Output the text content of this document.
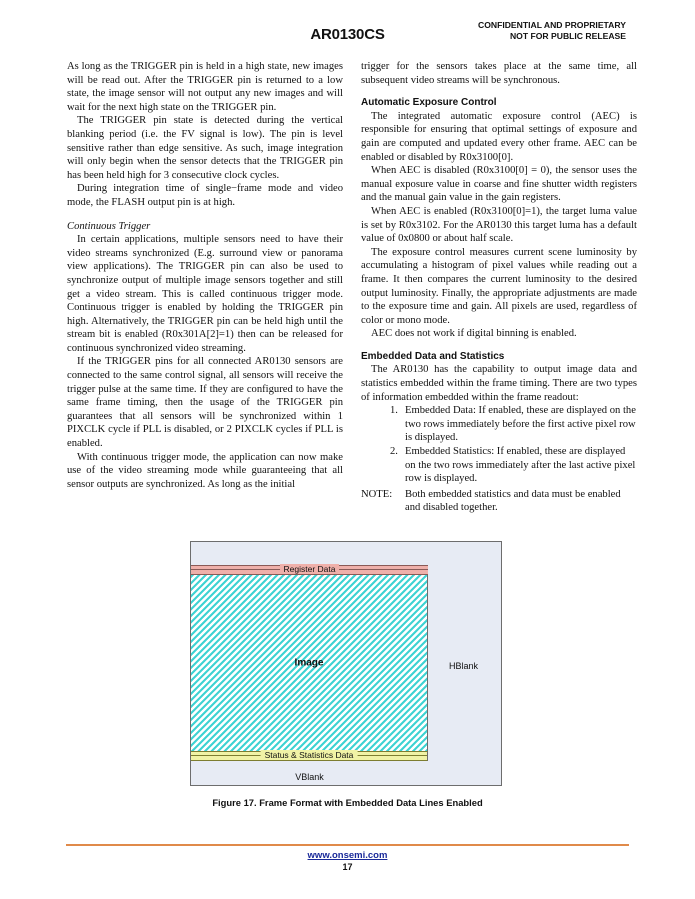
AR0130CS
CONFIDENTIAL AND PROPRIETARY
NOT FOR PUBLIC RELEASE

As long as the TRIGGER pin is held in a high state, new images will be read out. After the TRIGGER pin is returned to a low state, the image sensor will not output any new images and will wait for the next high state on the TRIGGER pin.

The TRIGGER pin state is detected during the vertical blanking period (i.e. the FV signal is low). The pin is level sensitive rather than edge sensitive. As such, image integration will only begin when the sensor detects that the TRIGGER pin has been held high for 3 consecutive clock cycles.

During integration time of single−frame mode and video mode, the FLASH output pin is at high.

Continuous Trigger

In certain applications, multiple sensors need to have their video streams synchronized (E.g. surround view or panorama view applications). The TRIGGER pin can also be used to synchronize output of multiple image sensors together and still get a video stream. This is called continuous trigger mode. Continuous trigger is enabled by holding the TRIGGER pin high. Alternatively, the TRIGGER pin can be held high until the stream bit is enabled (R0x301A[2]=1) then can be released for continuous synchronized video streaming.

If the TRIGGER pins for all connected AR0130 sensors are connected to the same control signal, all sensors will receive the trigger pulse at the same time. If they are configured to have the same frame timing, then the usage of the TRIGGER pin guarantees that all sensors will be synchronized within 1 PIXCLK cycle if PLL is disabled, or 2 PIXCLK cycles if PLL is enabled.

With continuous trigger mode, the application can now make use of the video streaming mode while guaranteeing that all sensor outputs are synchronized. As long as the initial

trigger for the sensors takes place at the same time, all subsequent video streams will be synchronous.

Automatic Exposure Control

The integrated automatic exposure control (AEC) is responsible for ensuring that optimal settings of exposure and gain are computed and updated every other frame. AEC can be enabled or disabled by R0x3100[0].

When AEC is disabled (R0x3100[0] = 0), the sensor uses the manual exposure value in coarse and fine shutter width registers and the manual gain value in the gain registers.

When AEC is enabled (R0x3100[0]=1), the target luma value is set by R0x3102. For the AR0130 this target luma has a default value of 0x0800 or about half scale.

The exposure control measures current scene luminosity by accumulating a histogram of pixel values while reading out a frame. It then compares the current luminosity to the desired output luminosity. Finally, the appropriate adjustments are made to the exposure time and gain. All pixels are used, regardless of color or mono mode.

AEC does not work if digital binning is enabled.

Embedded Data and Statistics

The AR0130 has the capability to output image data and statistics embedded within the frame timing. There are two types of information embedded within the frame readout:

1. Embedded Data: If enabled, these are displayed on the two rows immediately before the first active pixel row is displayed.
2. Embedded Statistics: If enabled, these are displayed on the two rows immediately after the last active pixel row is displayed.
NOTE:	Both embedded statistics and data must be enabled and disabled together.
Register Data
Image
Status & Statistics Data
HBlank
VBlank
Figure 17. Frame Format with Embedded Data Lines Enabled
www.onsemi.com
17
